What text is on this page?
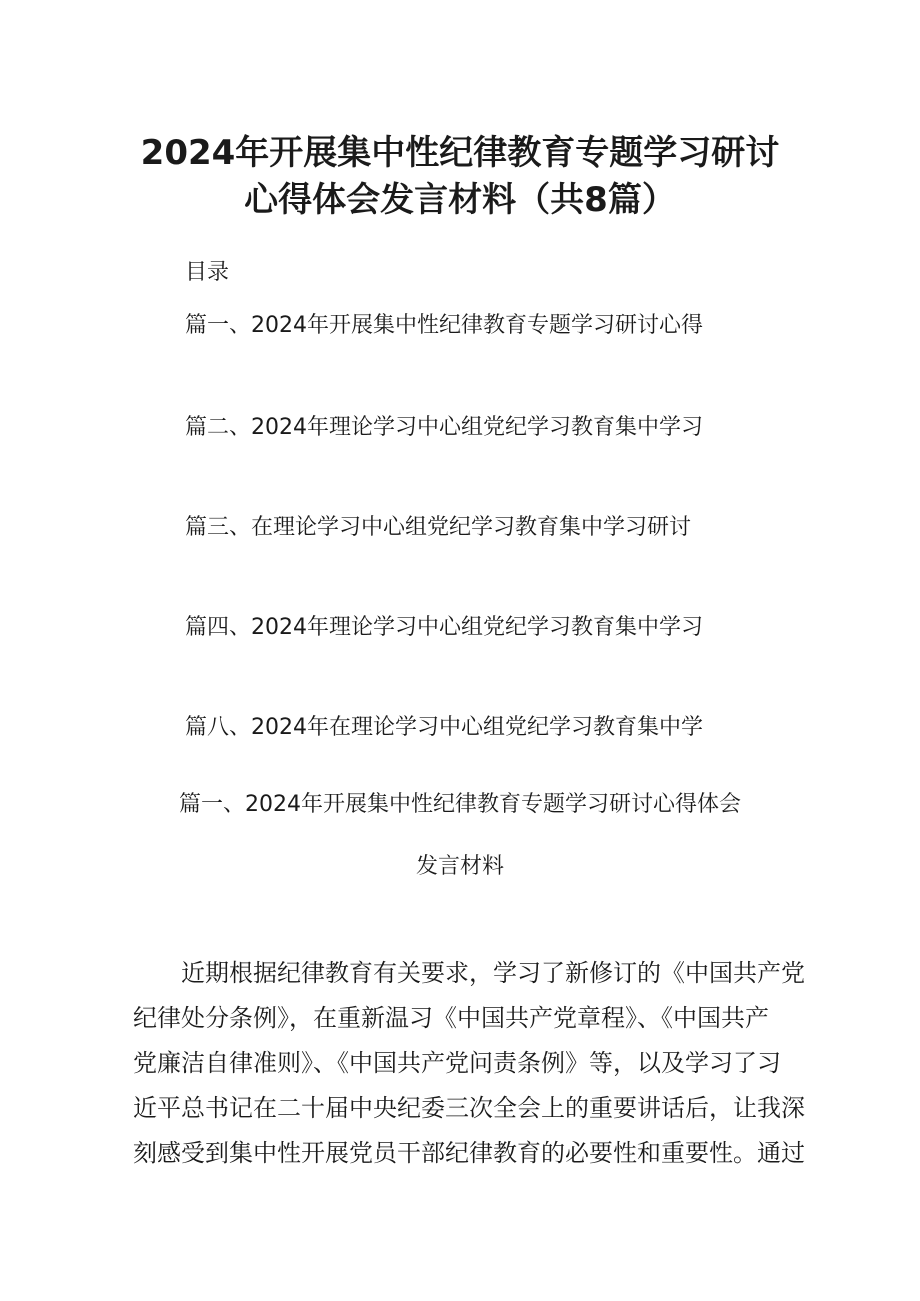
2024年开展集中性纪律教育专题学习研讨
心得体会发言材料（共8篇）
目录
篇一、2024年开展集中性纪律教育专题学习研讨心得
篇二、2024年理论学习中心组党纪学习教育集中学习
篇三、在理论学习中心组党纪学习教育集中学习研讨
篇四、2024年理论学习中心组党纪学习教育集中学习
篇八、2024年在理论学习中心组党纪学习教育集中学
篇一、2024年开展集中性纪律教育专题学习研讨心得体会
发言材料
近期根据纪律教育有关要求，学习了新修订的《中国共产党
纪律处分条例》，在重新温习《中国共产党章程》、《中国共产
党廉洁自律准则》、《中国共产党问责条例》等，以及学习了习
近平总书记在二十届中央纪委三次全会上的重要讲话后，让我深
刻感受到集中性开展党员干部纪律教育的必要性和重要性。通过
